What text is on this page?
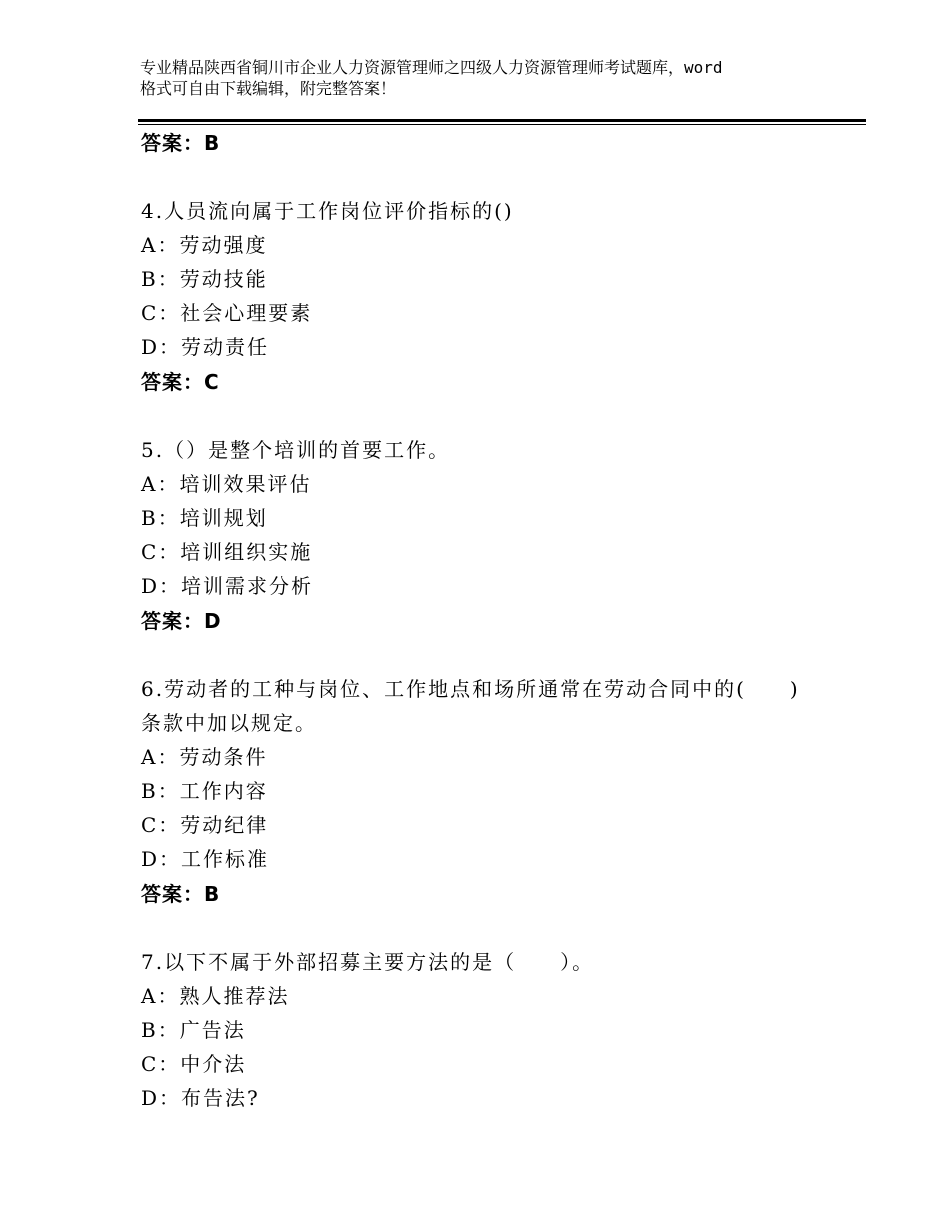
专业精品陕西省铜川市企业人力资源管理师之四级人力资源管理师考试题库，word
格式可自由下载编辑，附完整答案！
答案：B
4.人员流向属于工作岗位评价指标的()
A：劳动强度
B：劳动技能
C：社会心理要素
D：劳动责任
答案：C
5.（）是整个培训的首要工作。
A：培训效果评估
B：培训规划
C：培训组织实施
D：培训需求分析
答案：D
6.劳动者的工种与岗位、工作地点和场所通常在劳动合同中的(　　)
条款中加以规定。
A：劳动条件
B：工作内容
C：劳动纪律
D：工作标准
答案：B
7.以下不属于外部招募主要方法的是（　　）。
A：熟人推荐法
B：广告法
C：中介法
D：布告法?
